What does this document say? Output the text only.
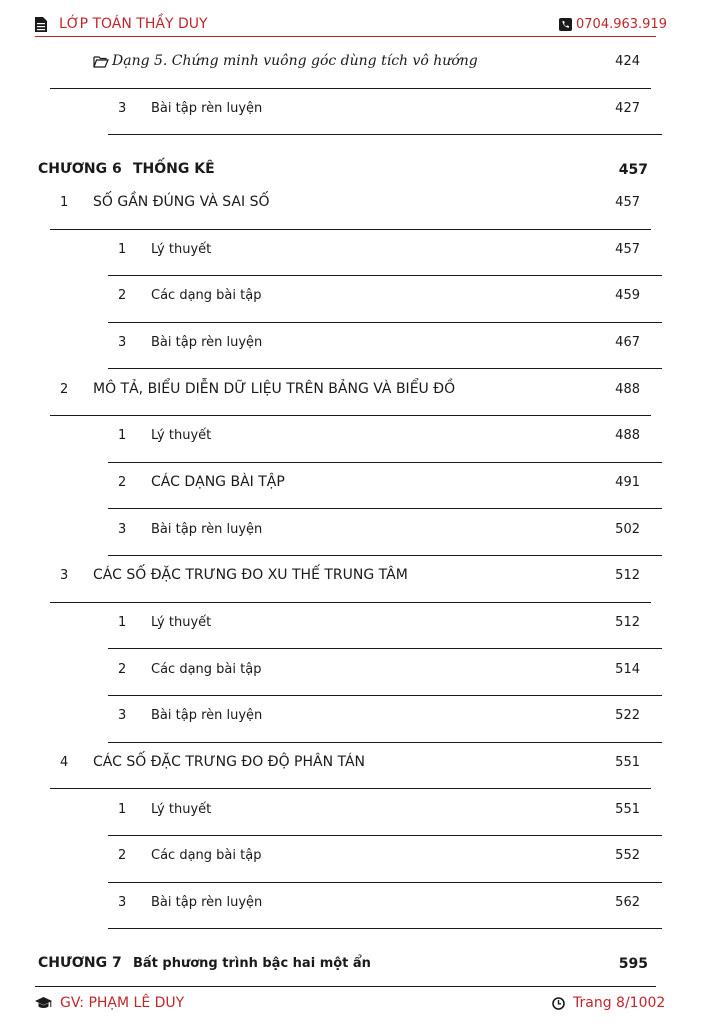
LỚP TOÁN THẦY DUY	0704.963.919
Dạng 5. Chứng minh vuông góc dùng tích vô hướng	424
3 Bài tập rèn luyện	427
CHƯƠNG 6 THỐNG KÊ	457
1 SỐ GẦN ĐÚNG VÀ SAI SỐ	457
1 Lý thuyết	457
2 Các dạng bài tập	459
3 Bài tập rèn luyện	467
2 MÔ TẢ, BIỂU DIỄN DỮ LIỆU TRÊN BẢNG VÀ BIỂU ĐỒ	488
1 Lý thuyết	488
2 CÁC DẠNG BÀI TẬP	491
3 Bài tập rèn luyện	502
3 CÁC SỐ ĐẶC TRƯNG ĐO XU THẾ TRUNG TÂM	512
1 Lý thuyết	512
2 Các dạng bài tập	514
3 Bài tập rèn luyện	522
4 CÁC SỐ ĐẶC TRƯNG ĐO ĐỘ PHÂN TÁN	551
1 Lý thuyết	551
2 Các dạng bài tập	552
3 Bài tập rèn luyện	562
CHƯƠNG 7 Bất phương trình bậc hai một ẩn	595
GV: PHẠM LÊ DUY	Trang 8/1002
